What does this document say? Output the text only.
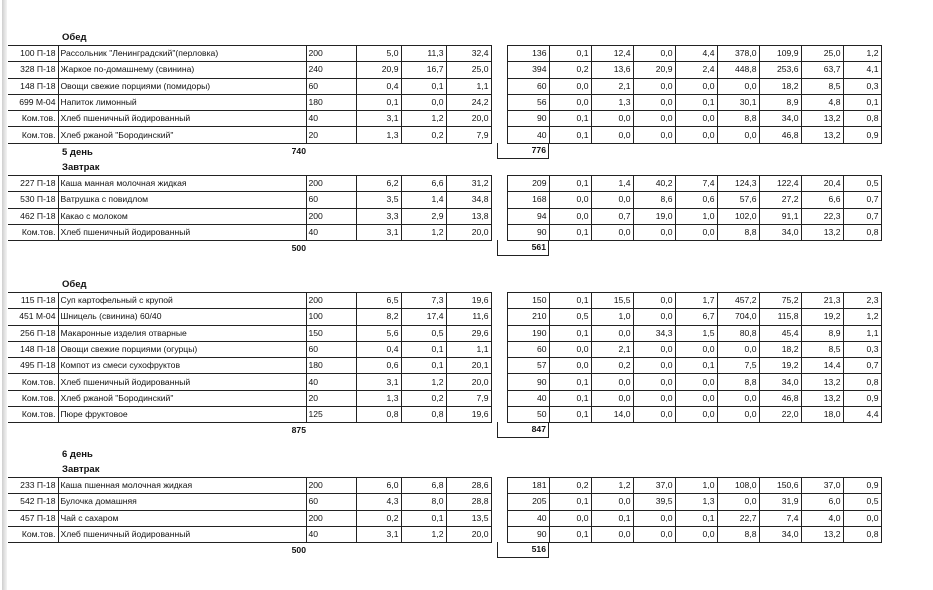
Обед
100 П-18	Рассольник "Ленинградский"(перловка)	200	5,0	11,3	32,4		136	0,1	12,4	0,0	4,4	378,0	109,9	25,0	1,2
328 П-18	Жаркое по-домашнему (свинина)	240	20,9	16,7	25,0		394	0,2	13,6	20,9	2,4	448,8	253,6	63,7	4,1
148 П-18	Овощи свежие порциями (помидоры)	60	0,4	0,1	1,1		60	0,0	2,1	0,0	0,0	0,0	18,2	8,5	0,3
699 М-04	Напиток лимонный	180	0,1	0,0	24,2		56	0,0	1,3	0,0	0,1	30,1	8,9	4,8	0,1
Ком.тов.	Хлеб пшеничный йодированный	40	3,1	1,2	20,0		90	0,1	0,0	0,0	0,0	8,8	34,0	13,2	0,8
Ком.тов.	Хлеб ржаной "Бородинский"	20	1,3	0,2	7,9		40	0,1	0,0	0,0	0,0	0,0	46,8	13,2	0,9
740	776
5 день
Завтрак
227 П-18	Каша манная молочная жидкая	200	6,2	6,6	31,2		209	0,1	1,4	40,2	7,4	124,3	122,4	20,4	0,5
530 П-18	Ватрушка с повидлом	60	3,5	1,4	34,8		168	0,0	0,0	8,6	0,6	57,6	27,2	6,6	0,7
462 П-18	Какао с молоком	200	3,3	2,9	13,8		94	0,0	0,7	19,0	1,0	102,0	91,1	22,3	0,7
Ком.тов.	Хлеб пшеничный йодированный	40	3,1	1,2	20,0		90	0,1	0,0	0,0	0,0	8,8	34,0	13,2	0,8
500	561
Обед
115 П-18	Суп картофельный с крупой	200	6,5	7,3	19,6		150	0,1	15,5	0,0	1,7	457,2	75,2	21,3	2,3
451 М-04	Шницель (свинина) 60/40	100	8,2	17,4	11,6		210	0,5	1,0	0,0	6,7	704,0	115,8	19,2	1,2
256 П-18	Макаронные изделия отварные	150	5,6	0,5	29,6		190	0,1	0,0	34,3	1,5	80,8	45,4	8,9	1,1
148 П-18	Овощи свежие порциями (огурцы)	60	0,4	0,1	1,1		60	0,0	2,1	0,0	0,0	0,0	18,2	8,5	0,3
495 П-18	Компот из смеси сухофруктов	180	0,6	0,1	20,1		57	0,0	0,2	0,0	0,1	7,5	19,2	14,4	0,7
Ком.тов.	Хлеб пшеничный йодированный	40	3,1	1,2	20,0		90	0,1	0,0	0,0	0,0	8,8	34,0	13,2	0,8
Ком.тов.	Хлеб ржаной "Бородинский"	20	1,3	0,2	7,9		40	0,1	0,0	0,0	0,0	0,0	46,8	13,2	0,9
Ком.тов.	Пюре фруктовое	125	0,8	0,8	19,6		50	0,1	14,0	0,0	0,0	0,0	22,0	18,0	4,4
875	847
6 день
Завтрак
233 П-18	Каша пшенная молочная жидкая	200	6,0	6,8	28,6		181	0,2	1,2	37,0	1,0	108,0	150,6	37,0	0,9
542 П-18	Булочка домашняя	60	4,3	8,0	28,8		205	0,1	0,0	39,5	1,3	0,0	31,9	6,0	0,5
457 П-18	Чай с сахаром	200	0,2	0,1	13,5		40	0,0	0,1	0,0	0,1	22,7	7,4	4,0	0,0
Ком.тов.	Хлеб пшеничный йодированный	40	3,1	1,2	20,0		90	0,1	0,0	0,0	0,0	8,8	34,0	13,2	0,8
500	516
